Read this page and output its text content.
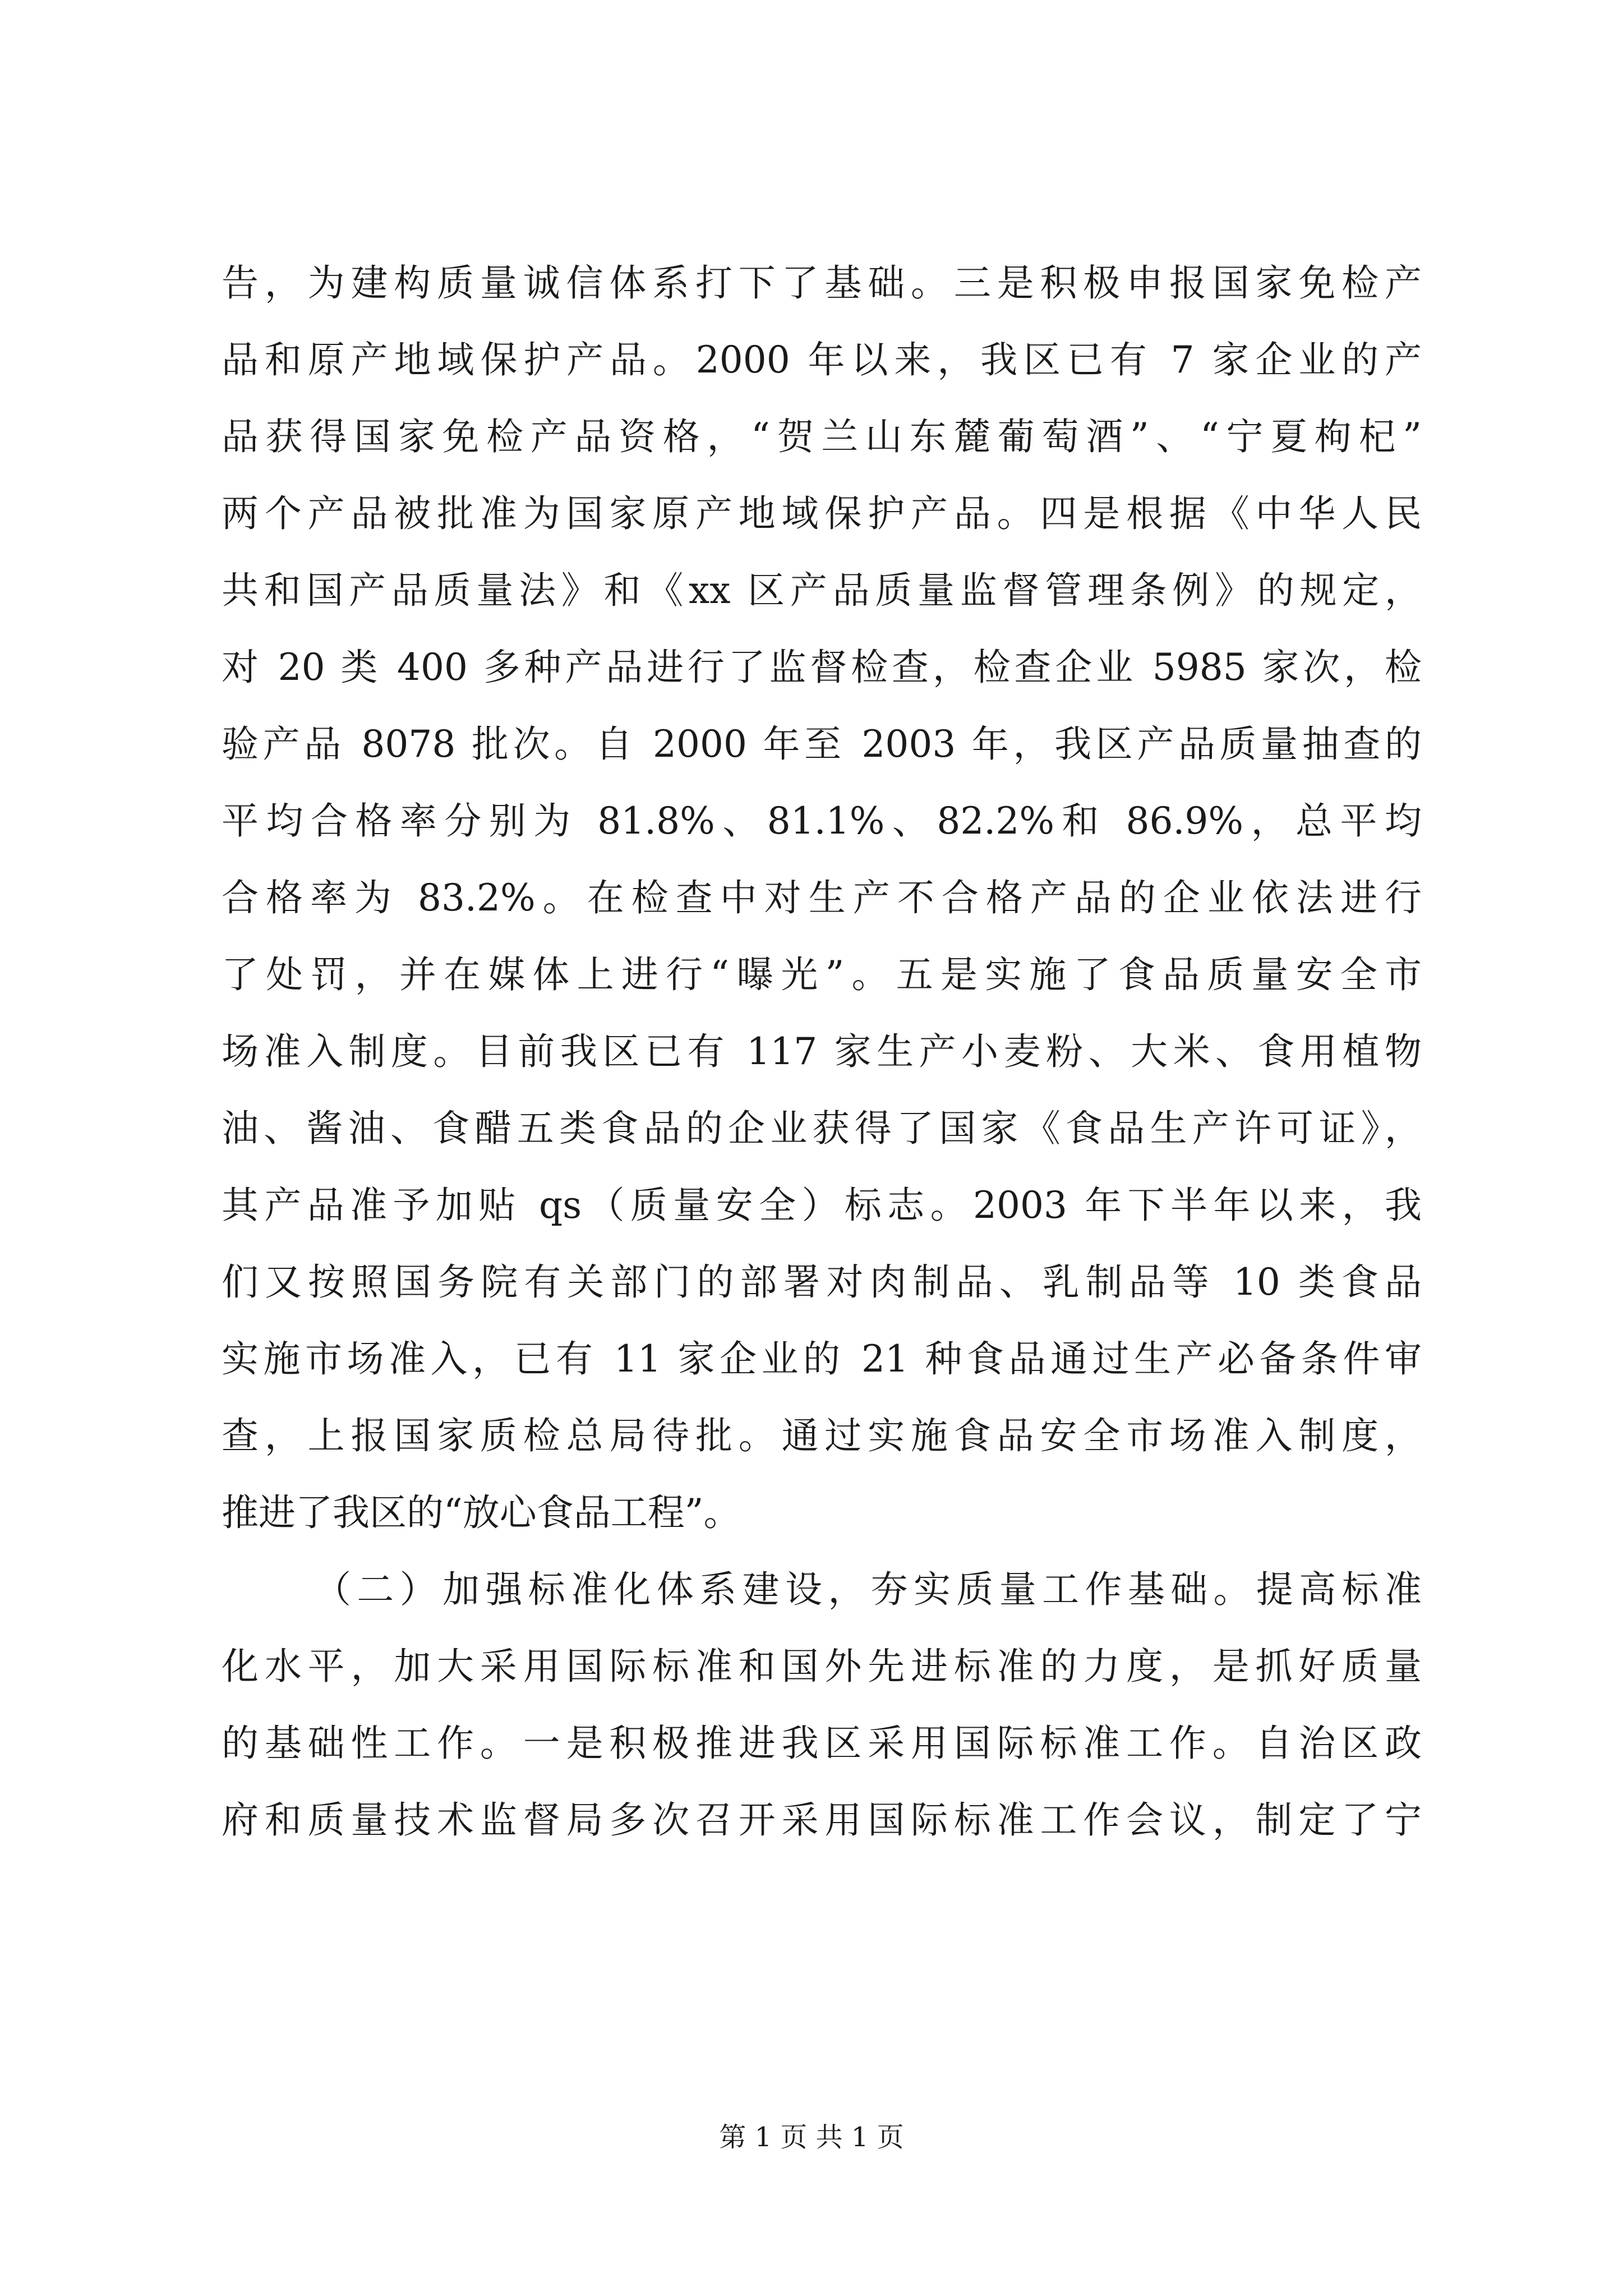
告，为建构质量诚信体系打下了基础。三是积极申报国家免检产
品和原产地域保护产品。2000 年以来，我区已有 7 家企业的产
品获得国家免检产品资格，“贺兰山东麓葡萄酒”、“宁夏枸杞”
两个产品被批准为国家原产地域保护产品。四是根据《中华人民
共和国产品质量法》和《xx 区产品质量监督管理条例》的规定，
对 20 类 400 多种产品进行了监督检查，检查企业 5985 家次，检
验产品 8078 批次。自 2000 年至 2003 年，我区产品质量抽查的
平均合格率分别为 81.8%、81.1%、82.2%和 86.9%，总平均
合格率为 83.2%。在检查中对生产不合格产品的企业依法进行
了处罚，并在媒体上进行“曝光”。五是实施了食品质量安全市
场准入制度。目前我区已有 117 家生产小麦粉、大米、食用植物
油、酱油、食醋五类食品的企业获得了国家《食品生产许可证》，
其产品准予加贴 qs（质量安全）标志。2003 年下半年以来，我
们又按照国务院有关部门的部署对肉制品、乳制品等 10 类食品
实施市场准入，已有 11 家企业的 21 种食品通过生产必备条件审
查，上报国家质检总局待批。通过实施食品安全市场准入制度，
推进了我区的“放心食品工程”。
（二）加强标准化体系建设，夯实质量工作基础。提高标准
化水平，加大采用国际标准和国外先进标准的力度，是抓好质量
的基础性工作。一是积极推进我区采用国际标准工作。自治区政
府和质量技术监督局多次召开采用国际标准工作会议，制定了宁
第 1 页 共 1 页
